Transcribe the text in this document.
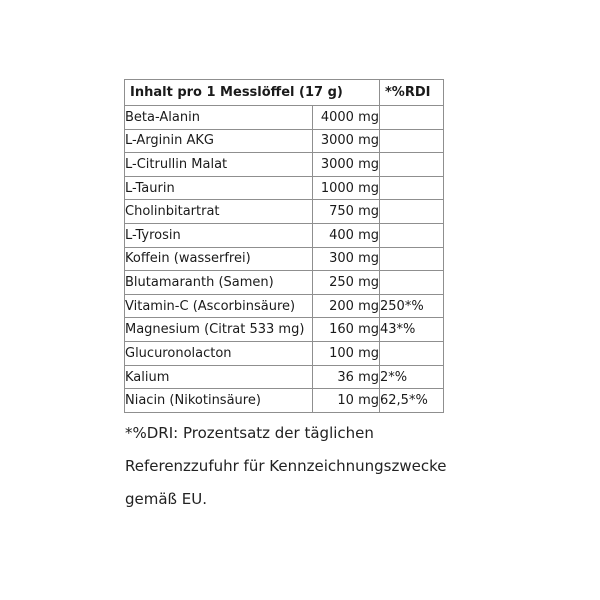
Inhalt pro 1 Messlöffel (17 g)		*%RDI
Beta-Alanin	4000 mg	
L-Arginin AKG	3000 mg	
L-Citrullin Malat	3000 mg	
L-Taurin	1000 mg	
Cholinbitartrat	750 mg	
L-Tyrosin	400 mg	
Koffein (wasserfrei)	300 mg	
Blutamaranth (Samen)	250 mg	
Vitamin-C (Ascorbinsäure)	200 mg	250*%
Magnesium (Citrat 533 mg)	160 mg	43*%
Glucuronolacton	100 mg	
Kalium	36 mg	2*%
Niacin (Nikotinsäure)	10 mg	62,5*%
*%DRI: Prozentsatz der täglichen
Referenzzufuhr für Kennzeichnungszwecke
gemäß EU.
